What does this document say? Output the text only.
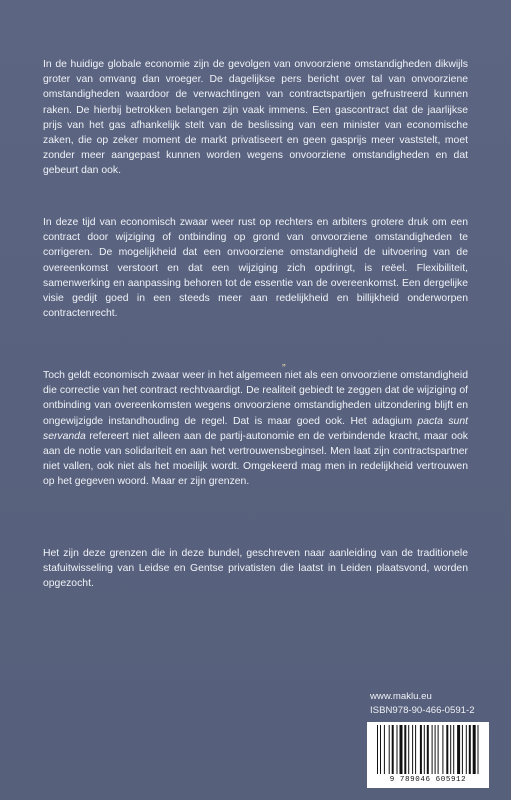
In de huidige globale economie zijn de gevolgen van onvoorziene omstandigheden dikwijls groter van omvang dan vroeger. De dagelijkse pers bericht over tal van onvoorziene omstandigheden waardoor de verwachtingen van contractspartijen gefrustreerd kunnen raken. De hierbij betrokken belangen zijn vaak immens. Een gascontract dat de jaarlijkse prijs van het gas afhankelijk stelt van de beslissing van een minister van economische zaken, die op zeker moment de markt privatiseert en geen gasprijs meer vaststelt, moet zonder meer aangepast kunnen worden wegens onvoorziene omstandigheden en dat gebeurt dan ook.

In deze tijd van economisch zwaar weer rust op rechters en arbiters grotere druk om een contract door wijziging of ontbinding op grond van onvoorziene omstandigheden te corrigeren. De mogelijkheid dat een onvoorziene omstandigheid de uitvoering van de overeenkomst verstoort en dat een wijziging zich opdringt, is reëel. Flexibiliteit, samenwerking en aanpassing behoren tot de essentie van de overeenkomst. Een dergelijke visie gedijt goed in een steeds meer aan redelijkheid en billijkheid onderworpen contractenrecht.

„

Toch geldt economisch zwaar weer in het algemeen niet als een onvoorziene omstandigheid die correctie van het contract rechtvaardigt. De realiteit gebiedt te zeggen dat de wijziging of ontbinding van overeenkomsten wegens onvoorziene omstandigheden uitzondering blijft en ongewijzigde instandhouding de regel. Dat is maar goed ook. Het adagium pacta sunt servanda refereert niet alleen aan de partij-autonomie en de verbindende kracht, maar ook aan de notie van solidariteit en aan het vertrouwensbeginsel. Men laat zijn contractspartner niet vallen, ook niet als het moeilijk wordt. Omgekeerd mag men in redelijkheid vertrouwen op het gegeven woord. Maar er zijn grenzen.

Het zijn deze grenzen die in deze bundel, geschreven naar aanleiding van de traditionele stafuitwisseling van Leidse en Gentse privatisten die laatst in Leiden plaatsvond, worden opgezocht.

www.maklu.eu
ISBN978-90-466-0591-2
9 789046 605912
